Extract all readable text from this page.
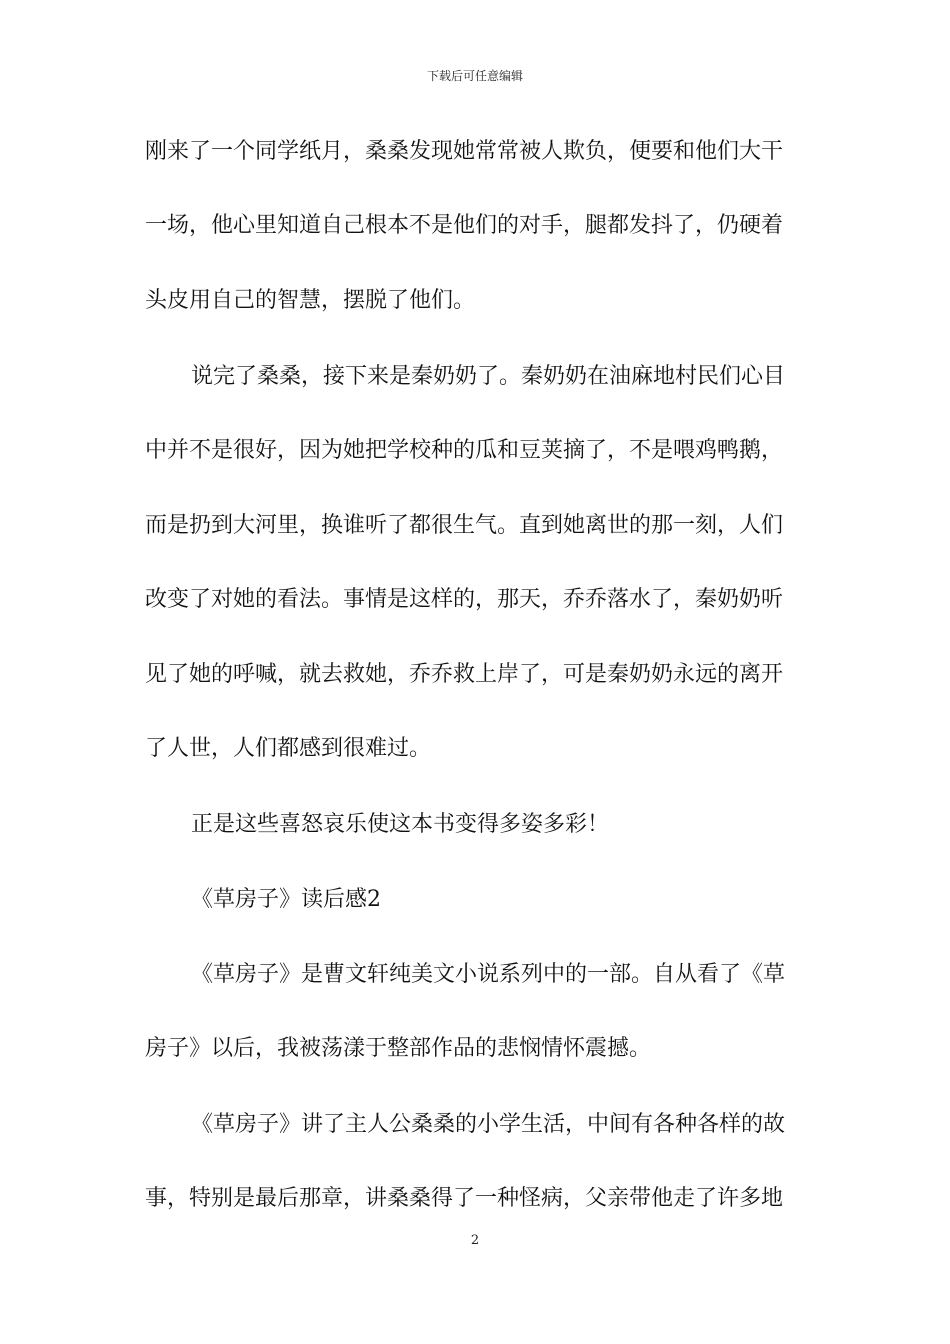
下载后可任意编辑
刚来了一个同学纸月，桑桑发现她常常被人欺负，便要和他们大干
一场，他心里知道自己根本不是他们的对手，腿都发抖了，仍硬着
头皮用自己的智慧，摆脱了他们。
说完了桑桑，接下来是秦奶奶了。秦奶奶在油麻地村民们心目
中并不是很好，因为她把学校种的瓜和豆荚摘了，不是喂鸡鸭鹅，
而是扔到大河里，换谁听了都很生气。直到她离世的那一刻，人们
改变了对她的看法。事情是这样的，那天，乔乔落水了，秦奶奶听
见了她的呼喊，就去救她，乔乔救上岸了，可是秦奶奶永远的离开
了人世，人们都感到很难过。
正是这些喜怒哀乐使这本书变得多姿多彩！
《草房子》读后感2
《草房子》是曹文轩纯美文小说系列中的一部。自从看了《草
房子》以后，我被荡漾于整部作品的悲悯情怀震撼。
《草房子》讲了主人公桑桑的小学生活，中间有各种各样的故
事，特别是最后那章，讲桑桑得了一种怪病，父亲带他走了许多地
2
